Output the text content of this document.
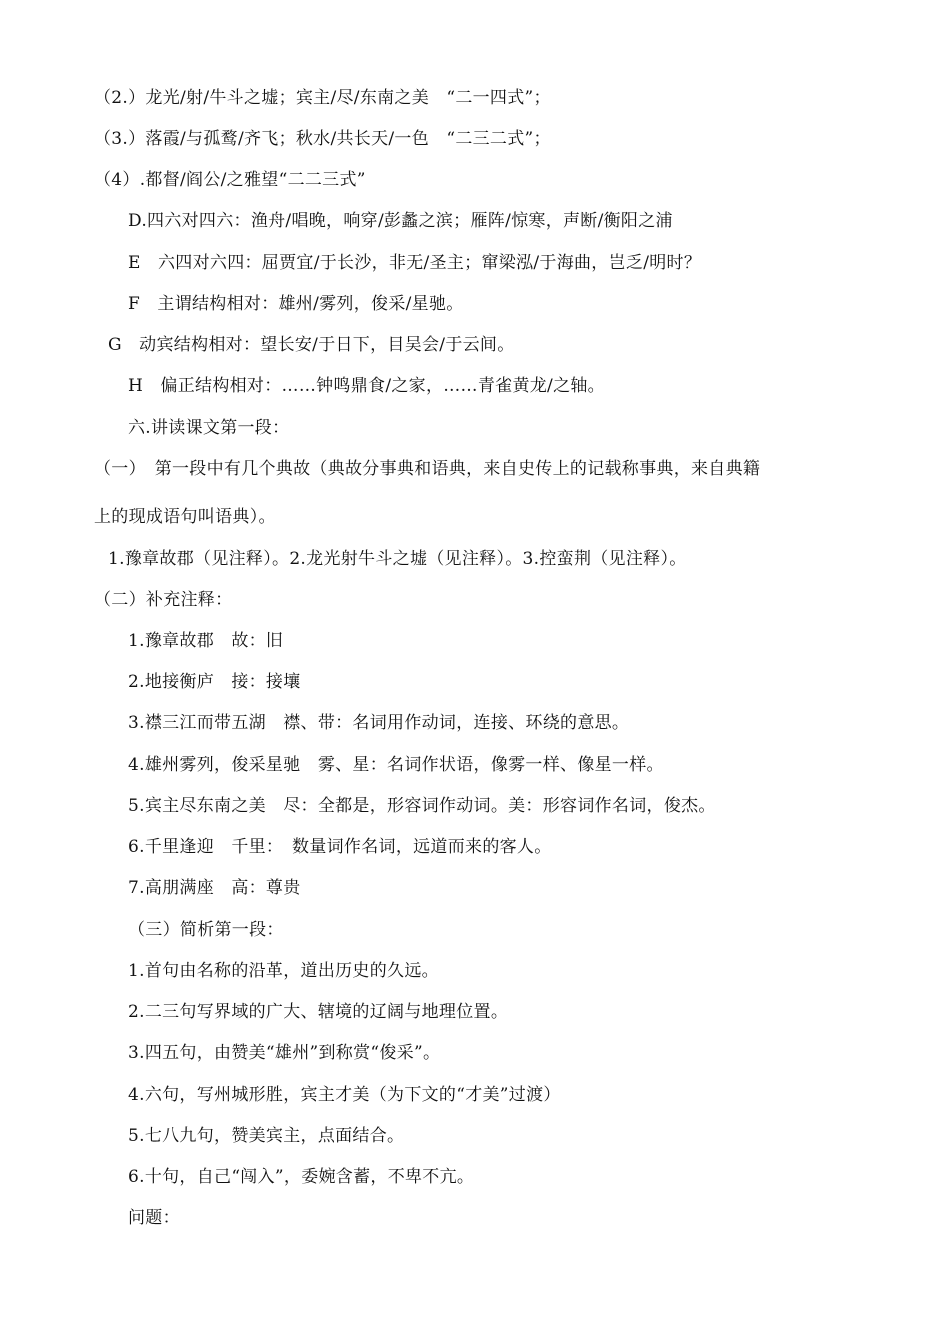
（2.）龙光/射/牛斗之墟；宾主/尽/东南之美　“二一四式”；
（3.）落霞/与孤鹜/齐飞；秋水/共长天/一色　“二三二式”；
（4）.都督/阎公/之雅望“二二三式”
D.四六对四六：渔舟/唱晚，响穿/彭蠡之滨；雁阵/惊寒，声断/衡阳之浦
E　六四对六四：屈贾宜/于长沙，非无/圣主；窜梁泓/于海曲，岂乏/明时？
F　主谓结构相对：雄州/雾列，俊采/星驰。
G　动宾结构相对：望长安/于日下，目吴会/于云间。
H　偏正结构相对：……钟鸣鼎食/之家，……青雀黄龙/之轴。
六.讲读课文第一段：
（一）　第一段中有几个典故（典故分事典和语典，来自史传上的记载称事典，来自典籍
上的现成语句叫语典）。
1.豫章故郡（见注释）。2.龙光射牛斗之墟（见注释）。3.控蛮荆（见注释）。
（二）补充注释：
1.豫章故郡　故：旧
2.地接衡庐　接：接壤
3.襟三江而带五湖　襟、带：名词用作动词，连接、环绕的意思。
4.雄州雾列，俊采星驰　雾、星：名词作状语，像雾一样、像星一样。
5.宾主尽东南之美　尽：全都是，形容词作动词。美：形容词作名词，俊杰。
6.千里逢迎　千里：　数量词作名词，远道而来的客人。
7.高朋满座　高：尊贵
（三）简析第一段：
1.首句由名称的沿革，道出历史的久远。
2.二三句写界域的广大、辖境的辽阔与地理位置。
3.四五句，由赞美“雄州”到称赏“俊采”。
4.六句，写州城形胜，宾主才美（为下文的“才美”过渡）
5.七八九句，赞美宾主，点面结合。
6.十句，自己“闯入”，委婉含蓄，不卑不亢。
问题：
